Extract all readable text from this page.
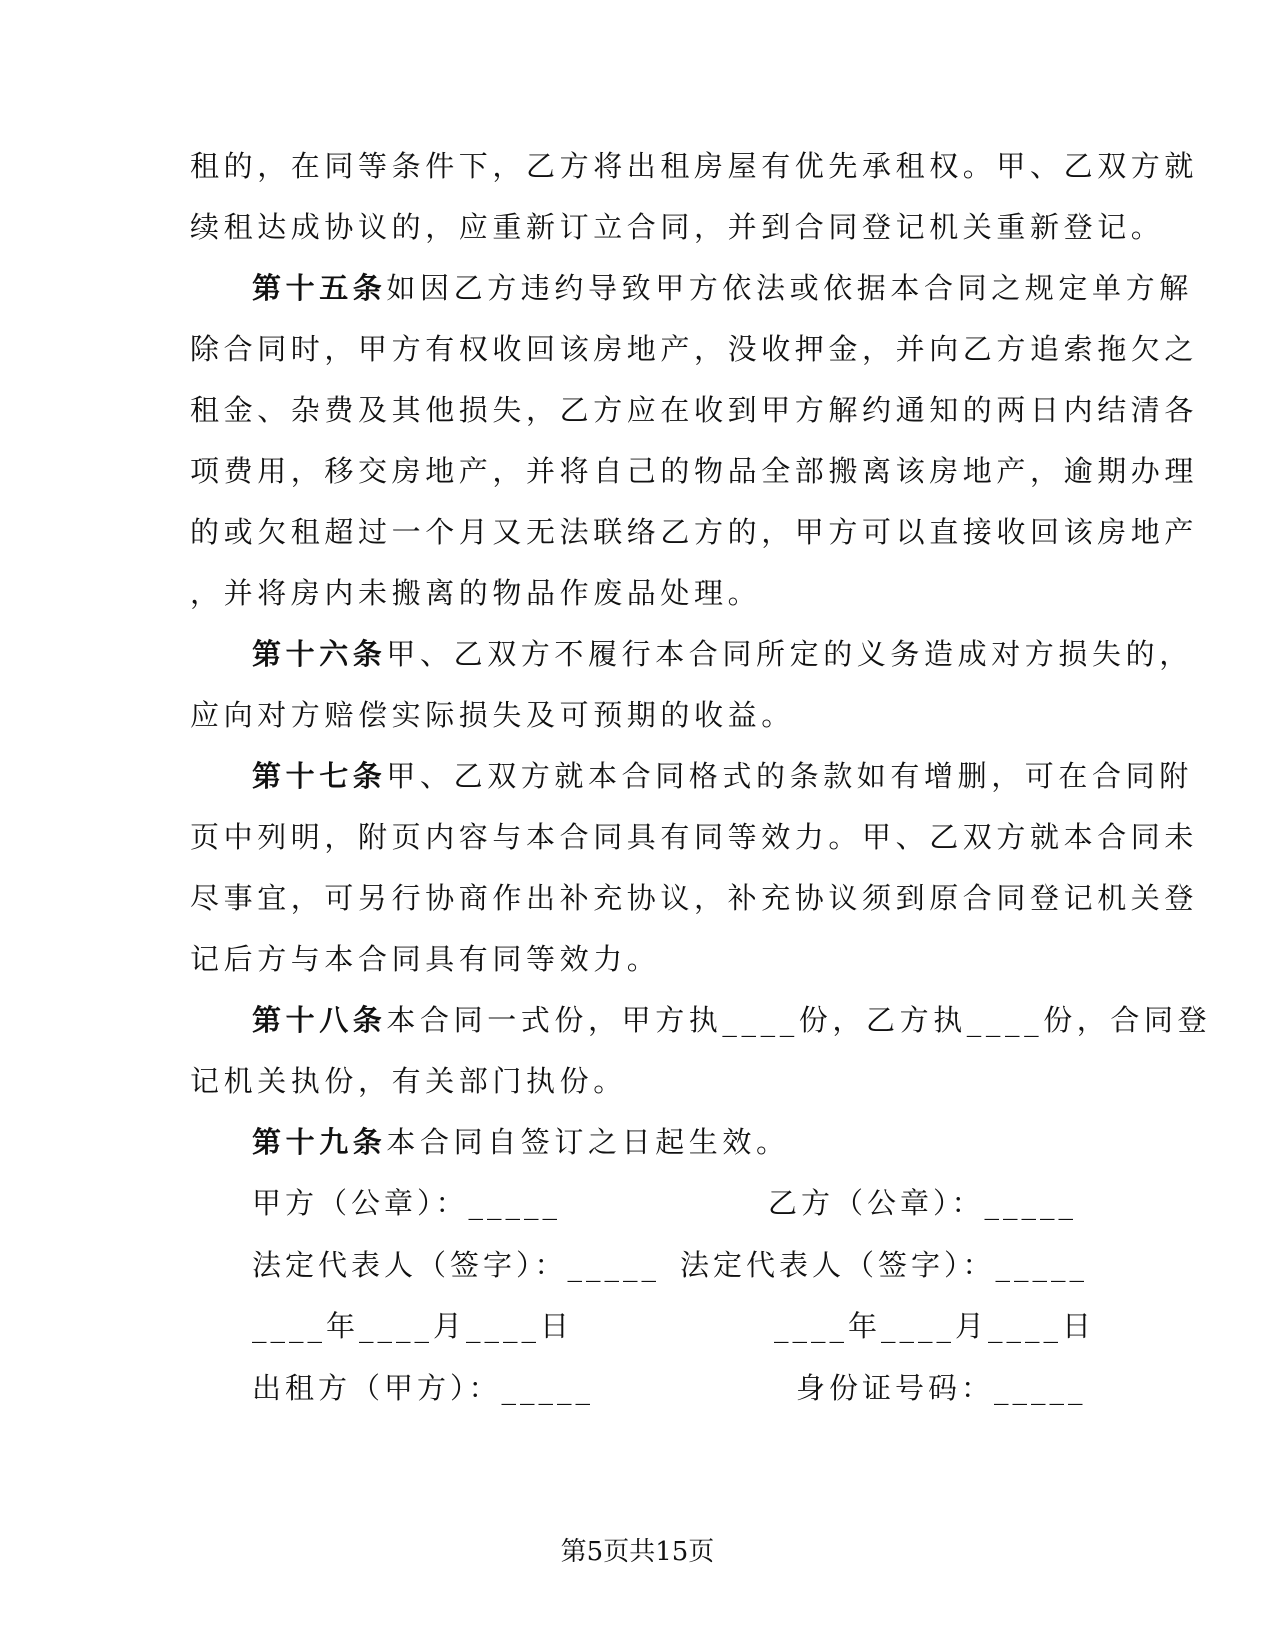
租的，在同等条件下，乙方将出租房屋有优先承租权。甲、乙双方就
续租达成协议的，应重新订立合同，并到合同登记机关重新登记。
第十五条如因乙方违约导致甲方依法或依据本合同之规定单方解
除合同时，甲方有权收回该房地产，没收押金，并向乙方追索拖欠之
租金、杂费及其他损失，乙方应在收到甲方解约通知的两日内结清各
项费用，移交房地产，并将自己的物品全部搬离该房地产，逾期办理
的或欠租超过一个月又无法联络乙方的，甲方可以直接收回该房地产
，并将房内未搬离的物品作废品处理。
第十六条甲、乙双方不履行本合同所定的义务造成对方损失的，
应向对方赔偿实际损失及可预期的收益。
第十七条甲、乙双方就本合同格式的条款如有增删，可在合同附
页中列明，附页内容与本合同具有同等效力。甲、乙双方就本合同未
尽事宜，可另行协商作出补充协议，补充协议须到原合同登记机关登
记后方与本合同具有同等效力。
第十八条本合同一式份，甲方执____份，乙方执____份，合同登
记机关执份，有关部门执份。
第十九条本合同自签订之日起生效。
甲方（公章）：_____	乙方（公章）：_____
法定代表人（签字）：_____ 法定代表人（签字）：_____
____年____月____日	____年____月____日
出租方（甲方）：_____	身份证号码：_____
第5页共15页
